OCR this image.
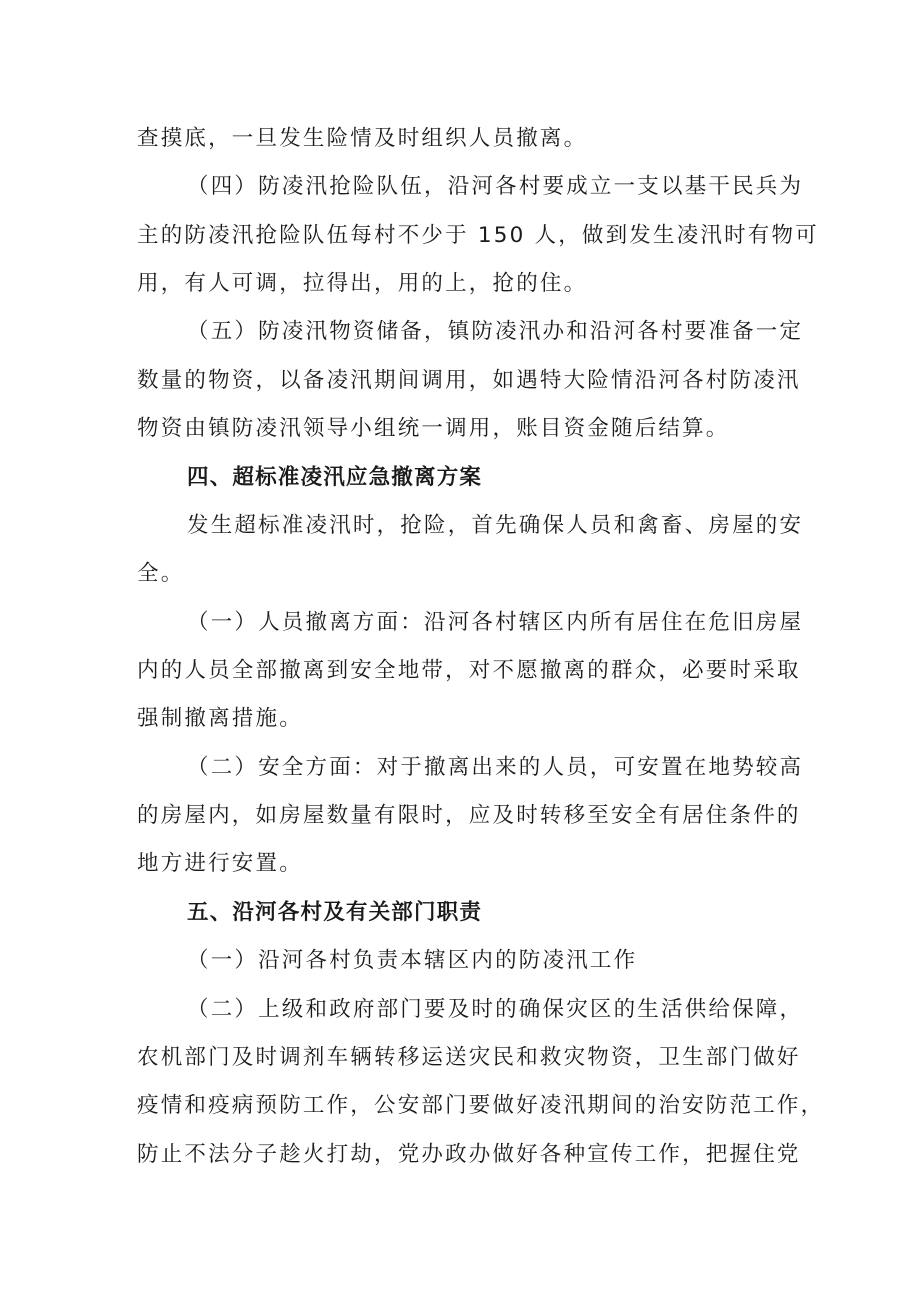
查摸底，一旦发生险情及时组织人员撤离。
（四）防凌汛抢险队伍，沿河各村要成立一支以基干民兵为
主的防凌汛抢险队伍每村不少于 150 人，做到发生凌汛时有物可
用，有人可调，拉得出，用的上，抢的住。
（五）防凌汛物资储备，镇防凌汛办和沿河各村要准备一定
数量的物资，以备凌汛期间调用，如遇特大险情沿河各村防凌汛
物资由镇防凌汛领导小组统一调用，账目资金随后结算。
四、超标准凌汛应急撤离方案
发生超标准凌汛时，抢险，首先确保人员和禽畜、房屋的安
全。
（一）人员撤离方面：沿河各村辖区内所有居住在危旧房屋
内的人员全部撤离到安全地带，对不愿撤离的群众，必要时采取
强制撤离措施。
（二）安全方面：对于撤离出来的人员，可安置在地势较高
的房屋内，如房屋数量有限时，应及时转移至安全有居住条件的
地方进行安置。
五、沿河各村及有关部门职责
（一）沿河各村负责本辖区内的防凌汛工作
（二）上级和政府部门要及时的确保灾区的生活供给保障，
农机部门及时调剂车辆转移运送灾民和救灾物资，卫生部门做好
疫情和疫病预防工作，公安部门要做好凌汛期间的治安防范工作，
防止不法分子趁火打劫，党办政办做好各种宣传工作，把握住党
